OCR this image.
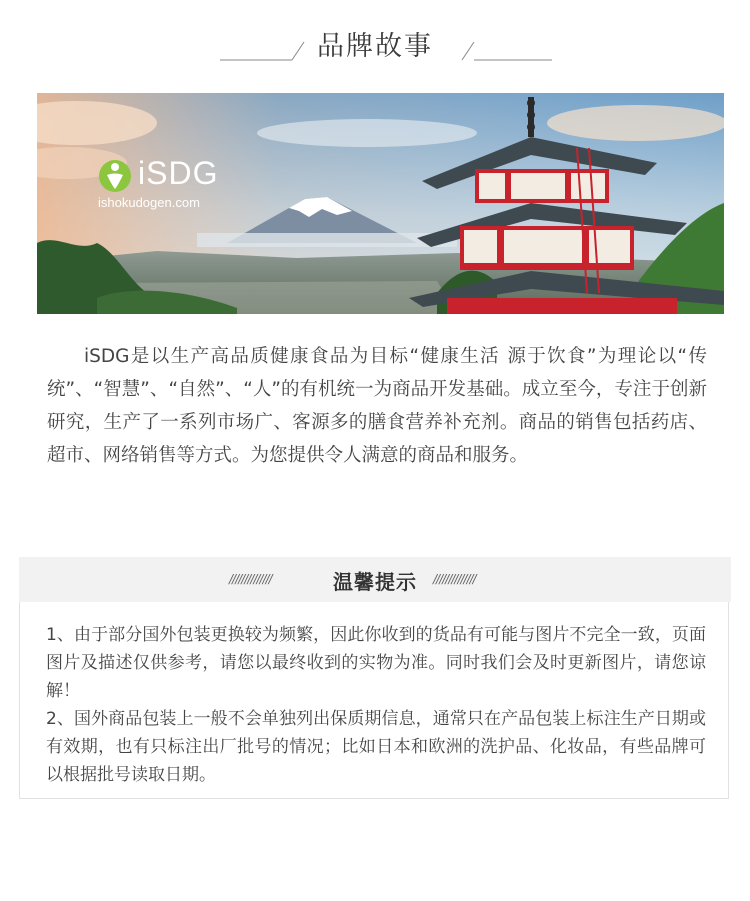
品牌故事
iSDG
ishokudogen.com
iSDG是以生产高品质健康食品为目标“健康生活 源于饮食”为理论以“传统”、“智慧”、“自然”、“人”的有机统一为商品开发基础。成立至今，专注于创新研究，生产了一系列市场广、客源多的膳食营养补充剂。商品的销售包括药店、超市、网络销售等方式。为您提供令人满意的商品和服务。
//////////////	温馨提示	//////////////

1、由于部分国外包装更换较为频繁，因此你收到的货品有可能与图片不完全一致，页面图片及描述仅供参考，请您以最终收到的实物为准。同时我们会及时更新图片，请您谅解！

2、国外商品包装上一般不会单独列出保质期信息，通常只在产品包装上标注生产日期或有效期，也有只标注出厂批号的情况；比如日本和欧洲的洗护品、化妆品，有些品牌可以根据批号读取日期。
